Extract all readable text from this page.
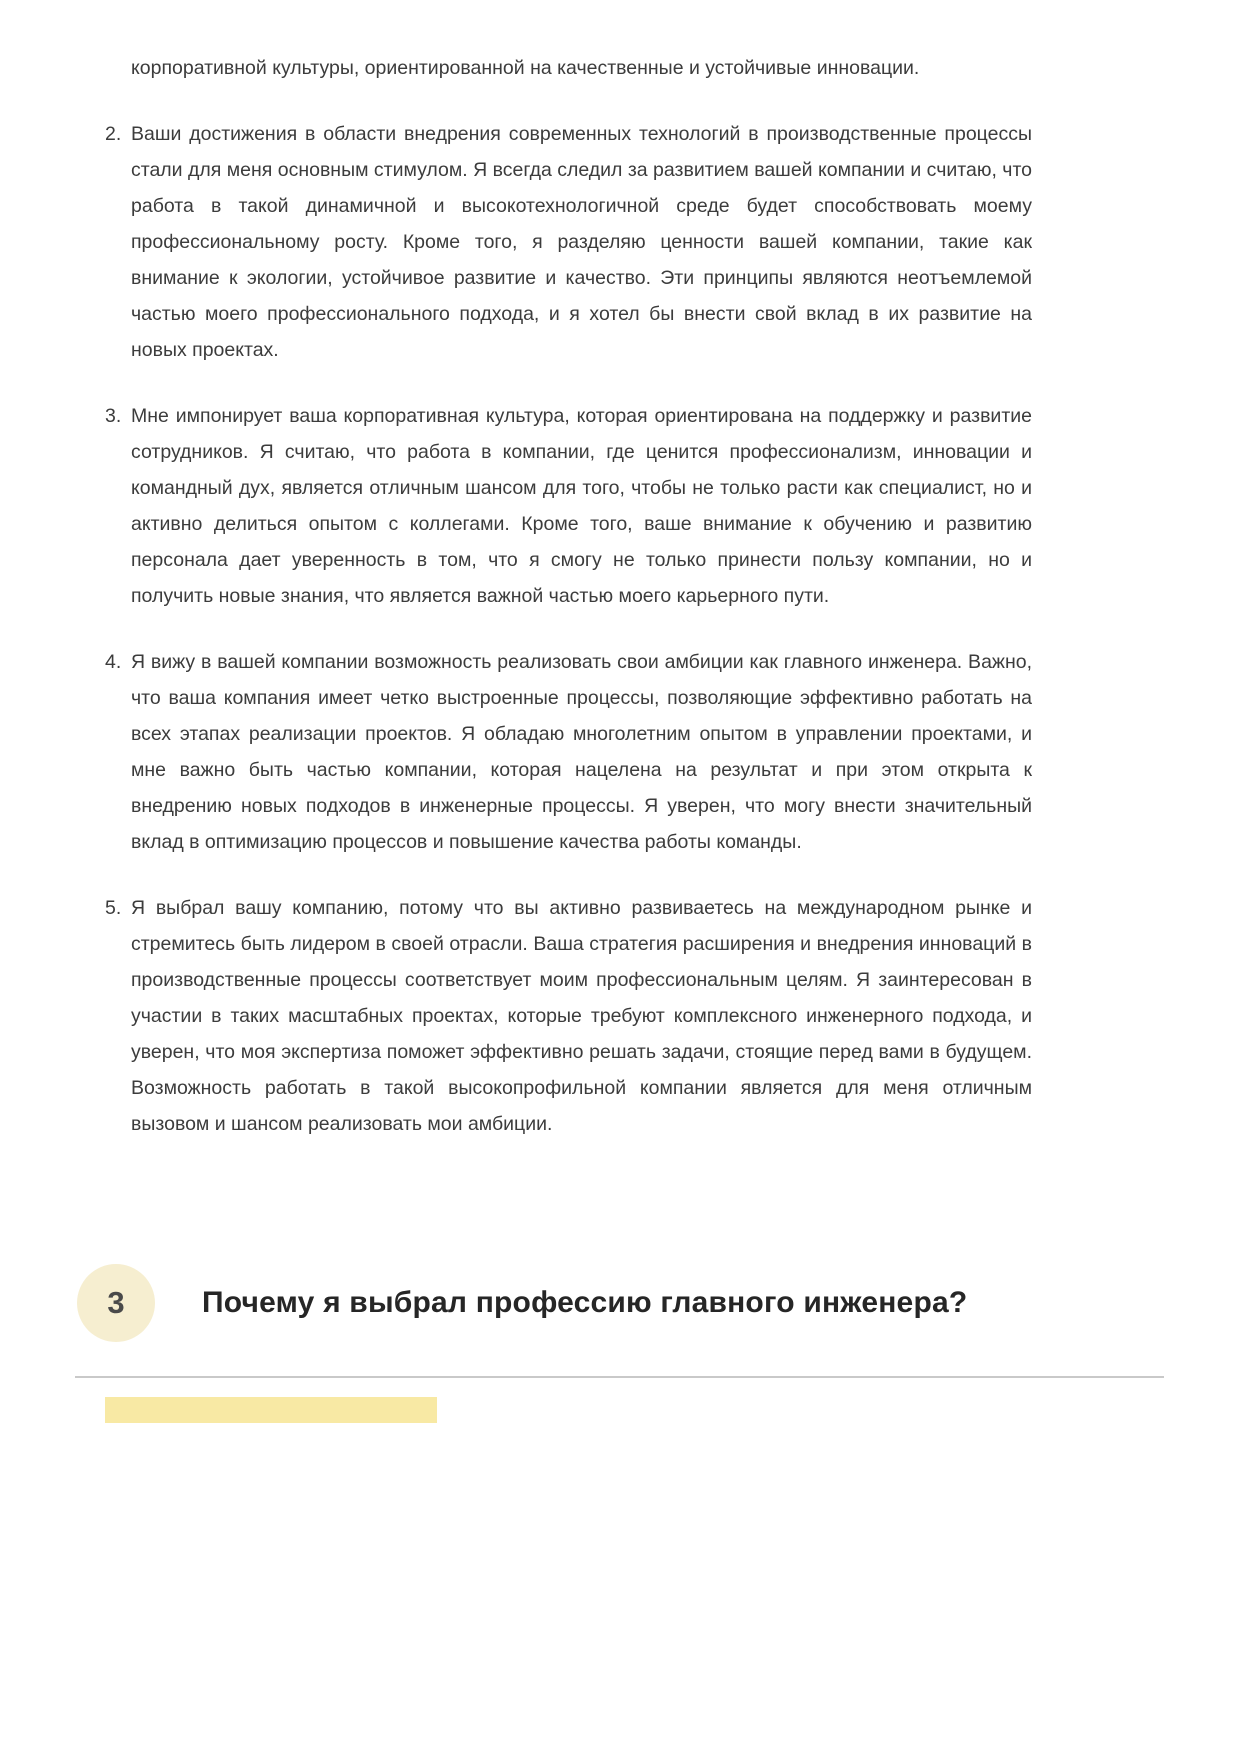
корпоративной культуры, ориентированной на качественные и устойчивые инновации.

2. Ваши достижения в области внедрения современных технологий в производственные процессы стали для меня основным стимулом. Я всегда следил за развитием вашей компании и считаю, что работа в такой динамичной и высокотехнологичной среде будет способствовать моему профессиональному росту. Кроме того, я разделяю ценности вашей компании, такие как внимание к экологии, устойчивое развитие и качество. Эти принципы являются неотъемлемой частью моего профессионального подхода, и я хотел бы внести свой вклад в их развитие на новых проектах.
3. Мне импонирует ваша корпоративная культура, которая ориентирована на поддержку и развитие сотрудников. Я считаю, что работа в компании, где ценится профессионализм, инновации и командный дух, является отличным шансом для того, чтобы не только расти как специалист, но и активно делиться опытом с коллегами. Кроме того, ваше внимание к обучению и развитию персонала дает уверенность в том, что я смогу не только принести пользу компании, но и получить новые знания, что является важной частью моего карьерного пути.
4. Я вижу в вашей компании возможность реализовать свои амбиции как главного инженера. Важно, что ваша компания имеет четко выстроенные процессы, позволяющие эффективно работать на всех этапах реализации проектов. Я обладаю многолетним опытом в управлении проектами, и мне важно быть частью компании, которая нацелена на результат и при этом открыта к внедрению новых подходов в инженерные процессы. Я уверен, что могу внести значительный вклад в оптимизацию процессов и повышение качества работы команды.
5. Я выбрал вашу компанию, потому что вы активно развиваетесь на международном рынке и стремитесь быть лидером в своей отрасли. Ваша стратегия расширения и внедрения инноваций в производственные процессы соответствует моим профессиональным целям. Я заинтересован в участии в таких масштабных проектах, которые требуют комплексного инженерного подхода, и уверен, что моя экспертиза поможет эффективно решать задачи, стоящие перед вами в будущем. Возможность работать в такой высокопрофильной компании является для меня отличным вызовом и шансом реализовать мои амбиции.
3	Почему я выбрал профессию главного инженера?
